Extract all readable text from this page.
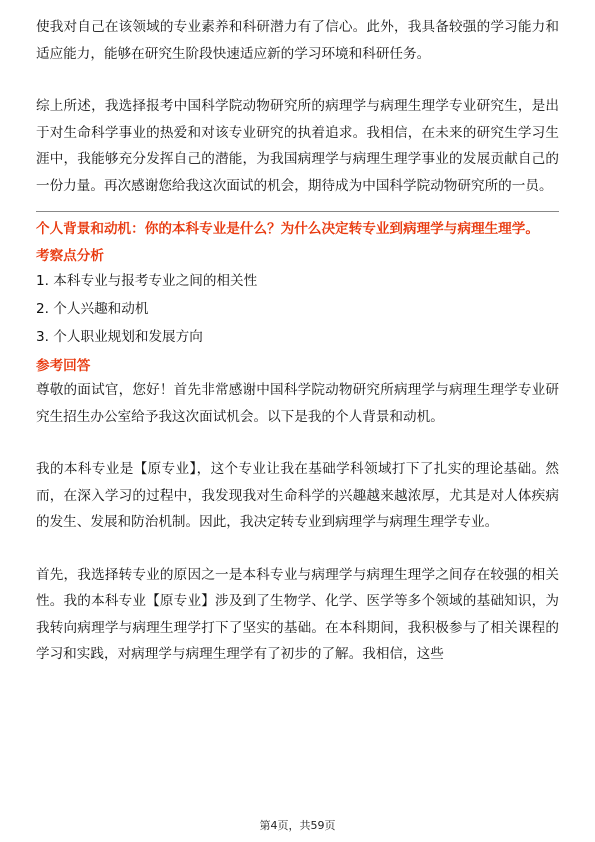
使我对自己在该领域的专业素养和科研潜力有了信心。此外，我具备较强的学习能力和适应能力，能够在研究生阶段快速适应新的学习环境和科研任务。

综上所述，我选择报考中国科学院动物研究所的病理学与病理生理学专业研究生，是出于对生命科学事业的热爱和对该专业研究的执着追求。我相信，在未来的研究生学习生涯中，我能够充分发挥自己的潜能，为我国病理学与病理生理学事业的发展贡献自己的一份力量。再次感谢您给我这次面试的机会，期待成为中国科学院动物研究所的一员。

个人背景和动机：你的本科专业是什么？为什么决定转专业到病理学与病理生理学。

考察点分析

1. 本科专业与报考专业之间的相关性
2. 个人兴趣和动机
3. 个人职业规划和发展方向

参考回答

尊敬的面试官，您好！首先非常感谢中国科学院动物研究所病理学与病理生理学专业研究生招生办公室给予我这次面试机会。以下是我的个人背景和动机。

我的本科专业是【原专业】，这个专业让我在基础学科领域打下了扎实的理论基础。然而，在深入学习的过程中，我发现我对生命科学的兴趣越来越浓厚，尤其是对人体疾病的发生、发展和防治机制。因此，我决定转专业到病理学与病理生理学专业。

首先，我选择转专业的原因之一是本科专业与病理学与病理生理学之间存在较强的相关性。我的本科专业【原专业】涉及到了生物学、化学、医学等多个领域的基础知识，为我转向病理学与病理生理学打下了坚实的基础。在本科期间，我积极参与了相关课程的学习和实践，对病理学与病理生理学有了初步的了解。我相信，这些

第4页，共59页
